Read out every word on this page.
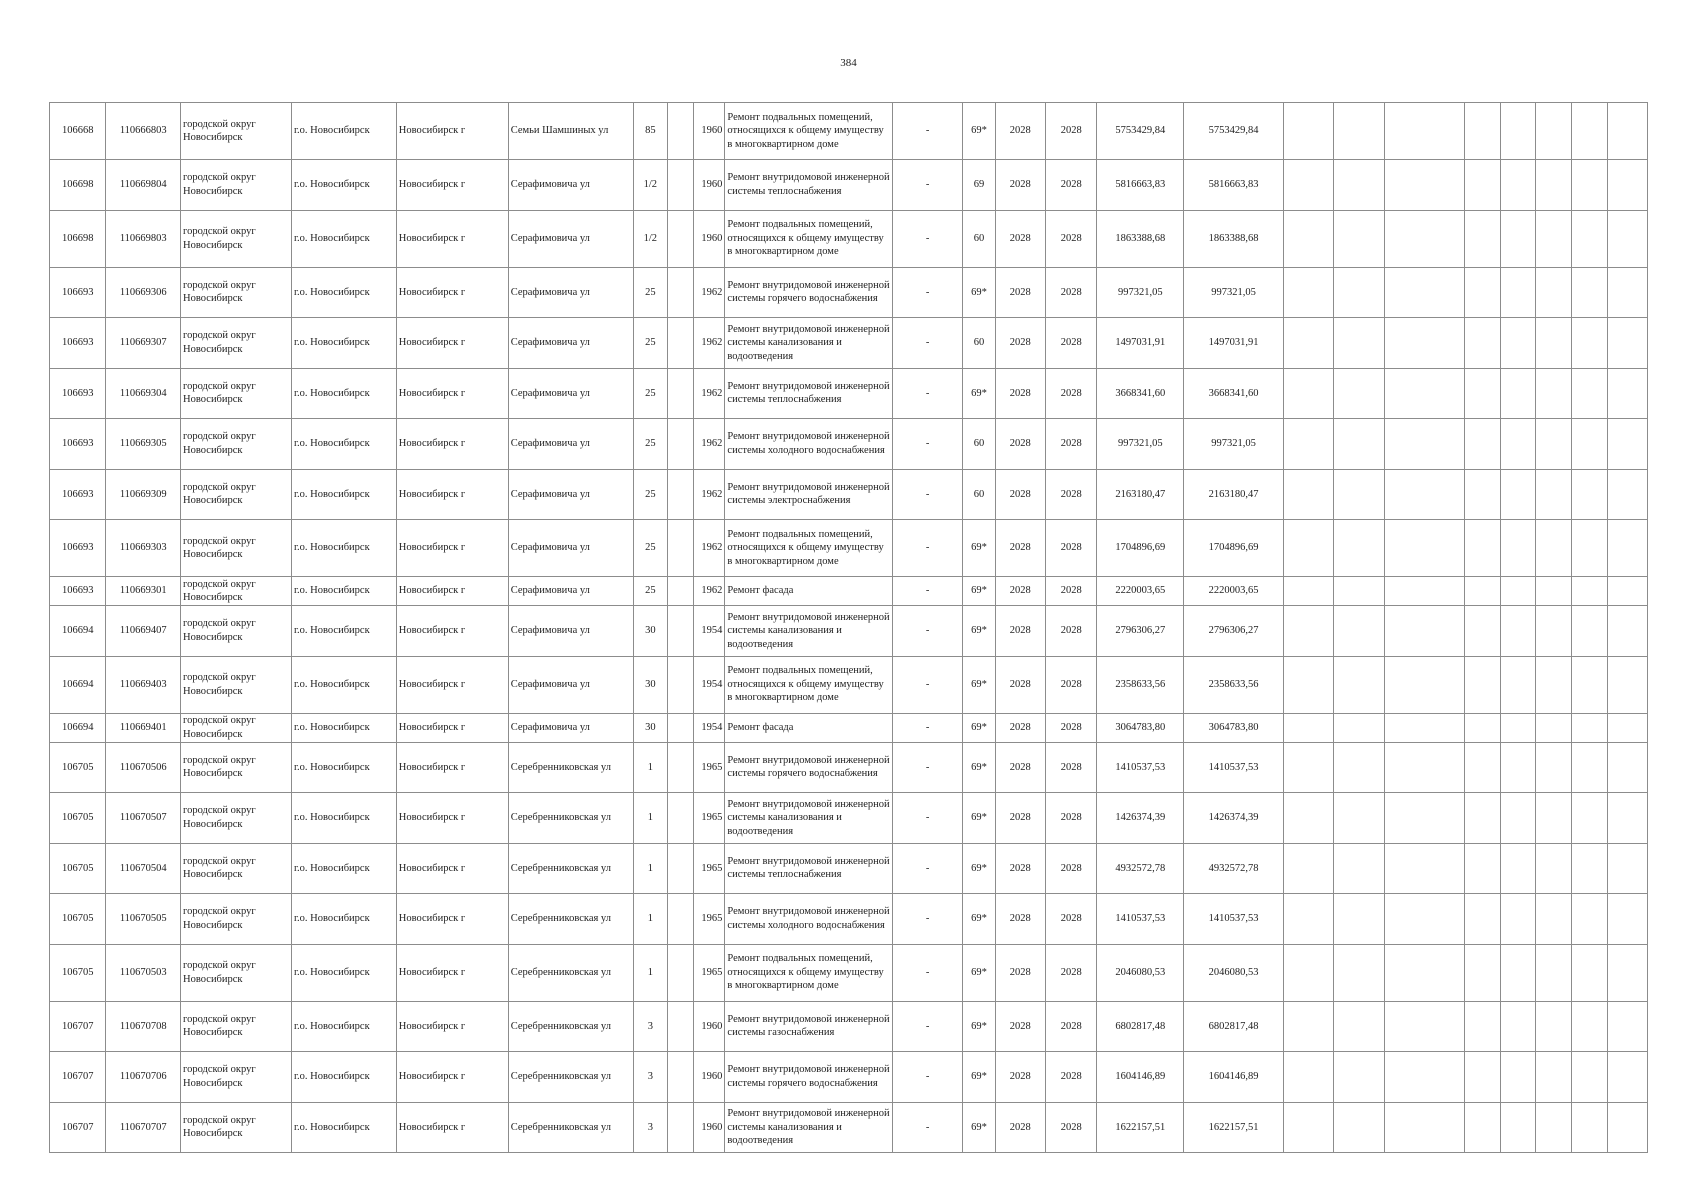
384
106668	110666803	городской округ Новосибирск	г.о. Новосибирск	Новосибирск г	Семьи Шамшиных ул	85		1960	Ремонт подвальных помещений, относящихся к общему имуществу в многоквартирном доме	-	69*	2028	2028	5753429,84	5753429,84								
106698	110669804	городской округ Новосибирск	г.о. Новосибирск	Новосибирск г	Серафимовича ул	1/2		1960	Ремонт внутридомовой инженерной системы теплоснабжения	-	69	2028	2028	5816663,83	5816663,83								
106698	110669803	городской округ Новосибирск	г.о. Новосибирск	Новосибирск г	Серафимовича ул	1/2		1960	Ремонт подвальных помещений, относящихся к общему имуществу в многоквартирном доме	-	60	2028	2028	1863388,68	1863388,68								
106693	110669306	городской округ Новосибирск	г.о. Новосибирск	Новосибирск г	Серафимовича ул	25		1962	Ремонт внутридомовой инженерной системы горячего водоснабжения	-	69*	2028	2028	997321,05	997321,05								
106693	110669307	городской округ Новосибирск	г.о. Новосибирск	Новосибирск г	Серафимовича ул	25		1962	Ремонт внутридомовой инженерной системы канализования и водоотведения	-	60	2028	2028	1497031,91	1497031,91								
106693	110669304	городской округ Новосибирск	г.о. Новосибирск	Новосибирск г	Серафимовича ул	25		1962	Ремонт внутридомовой инженерной системы теплоснабжения	-	69*	2028	2028	3668341,60	3668341,60								
106693	110669305	городской округ Новосибирск	г.о. Новосибирск	Новосибирск г	Серафимовича ул	25		1962	Ремонт внутридомовой инженерной системы холодного водоснабжения	-	60	2028	2028	997321,05	997321,05								
106693	110669309	городской округ Новосибирск	г.о. Новосибирск	Новосибирск г	Серафимовича ул	25		1962	Ремонт внутридомовой инженерной системы электроснабжения	-	60	2028	2028	2163180,47	2163180,47								
106693	110669303	городской округ Новосибирск	г.о. Новосибирск	Новосибирск г	Серафимовича ул	25		1962	Ремонт подвальных помещений, относящихся к общему имуществу в многоквартирном доме	-	69*	2028	2028	1704896,69	1704896,69								
106693	110669301	городской округ Новосибирск	г.о. Новосибирск	Новосибирск г	Серафимовича ул	25		1962	Ремонт фасада	-	69*	2028	2028	2220003,65	2220003,65								
106694	110669407	городской округ Новосибирск	г.о. Новосибирск	Новосибирск г	Серафимовича ул	30		1954	Ремонт внутридомовой инженерной системы канализования и водоотведения	-	69*	2028	2028	2796306,27	2796306,27								
106694	110669403	городской округ Новосибирск	г.о. Новосибирск	Новосибирск г	Серафимовича ул	30		1954	Ремонт подвальных помещений, относящихся к общему имуществу в многоквартирном доме	-	69*	2028	2028	2358633,56	2358633,56								
106694	110669401	городской округ Новосибирск	г.о. Новосибирск	Новосибирск г	Серафимовича ул	30		1954	Ремонт фасада	-	69*	2028	2028	3064783,80	3064783,80								
106705	110670506	городской округ Новосибирск	г.о. Новосибирск	Новосибирск г	Серебренниковская ул	1		1965	Ремонт внутридомовой инженерной системы горячего водоснабжения	-	69*	2028	2028	1410537,53	1410537,53								
106705	110670507	городской округ Новосибирск	г.о. Новосибирск	Новосибирск г	Серебренниковская ул	1		1965	Ремонт внутридомовой инженерной системы канализования и водоотведения	-	69*	2028	2028	1426374,39	1426374,39								
106705	110670504	городской округ Новосибирск	г.о. Новосибирск	Новосибирск г	Серебренниковская ул	1		1965	Ремонт внутридомовой инженерной системы теплоснабжения	-	69*	2028	2028	4932572,78	4932572,78								
106705	110670505	городской округ Новосибирск	г.о. Новосибирск	Новосибирск г	Серебренниковская ул	1		1965	Ремонт внутридомовой инженерной системы холодного водоснабжения	-	69*	2028	2028	1410537,53	1410537,53								
106705	110670503	городской округ Новосибирск	г.о. Новосибирск	Новосибирск г	Серебренниковская ул	1		1965	Ремонт подвальных помещений, относящихся к общему имуществу в многоквартирном доме	-	69*	2028	2028	2046080,53	2046080,53								
106707	110670708	городской округ Новосибирск	г.о. Новосибирск	Новосибирск г	Серебренниковская ул	3		1960	Ремонт внутридомовой инженерной системы газоснабжения	-	69*	2028	2028	6802817,48	6802817,48								
106707	110670706	городской округ Новосибирск	г.о. Новосибирск	Новосибирск г	Серебренниковская ул	3		1960	Ремонт внутридомовой инженерной системы горячего водоснабжения	-	69*	2028	2028	1604146,89	1604146,89								
106707	110670707	городской округ Новосибирск	г.о. Новосибирск	Новосибирск г	Серебренниковская ул	3		1960	Ремонт внутридомовой инженерной системы канализования и водоотведения	-	69*	2028	2028	1622157,51	1622157,51								
